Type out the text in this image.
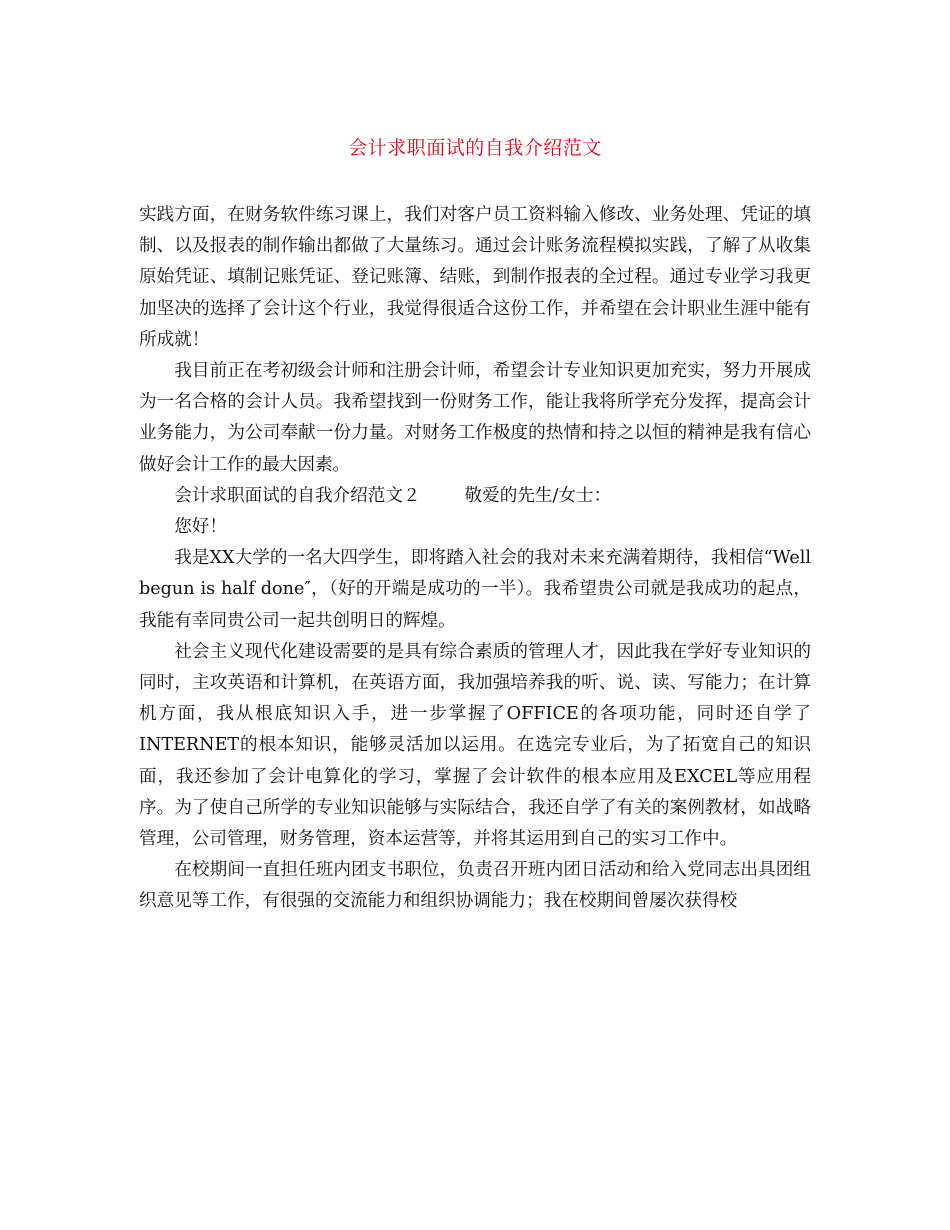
会计求职面试的自我介绍范文

实践方面，在财务软件练习课上，我们对客户员工资料输入修改、业务处理、凭证的填制、以及报表的制作输出都做了大量练习。通过会计账务流程模拟实践，了解了从收集原始凭证、填制记账凭证、登记账簿、结账，到制作报表的全过程。通过专业学习我更加坚决的选择了会计这个行业，我觉得很适合这份工作，并希望在会计职业生涯中能有所成就！

我目前正在考初级会计师和注册会计师，希望会计专业知识更加充实，努力开展成为一名合格的会计人员。我希望找到一份财务工作，能让我将所学充分发挥，提高会计业务能力，为公司奉献一份力量。对财务工作极度的热情和持之以恒的精神是我有信心做好会计工作的最大因素。

会计求职面试的自我介绍范文２	敬爱的先生/女士：

您好！

我是XX大学的一名大四学生，即将踏入社会的我对未来充满着期待，我相信“Well begun is half done″，（好的开端是成功的一半）。我希望贵公司就是我成功的起点，我能有幸同贵公司一起共创明日的辉煌。

社会主义现代化建设需要的是具有综合素质的管理人才，因此我在学好专业知识的同时，主攻英语和计算机，在英语方面，我加强培养我的听、说、读、写能力；在计算机方面，我从根底知识入手，进一步掌握了OFFICE的各项功能，同时还自学了INTERNET的根本知识，能够灵活加以运用。在选完专业后，为了拓宽自己的知识面，我还参加了会计电算化的学习，掌握了会计软件的根本应用及EXCEL等应用程序。为了使自己所学的专业知识能够与实际结合，我还自学了有关的案例教材，如战略管理，公司管理，财务管理，资本运营等，并将其运用到自己的实习工作中。

在校期间一直担任班内团支书职位，负责召开班内团日活动和给入党同志出具团组织意见等工作，有很强的交流能力和组织协调能力；我在校期间曾屡次获得校
